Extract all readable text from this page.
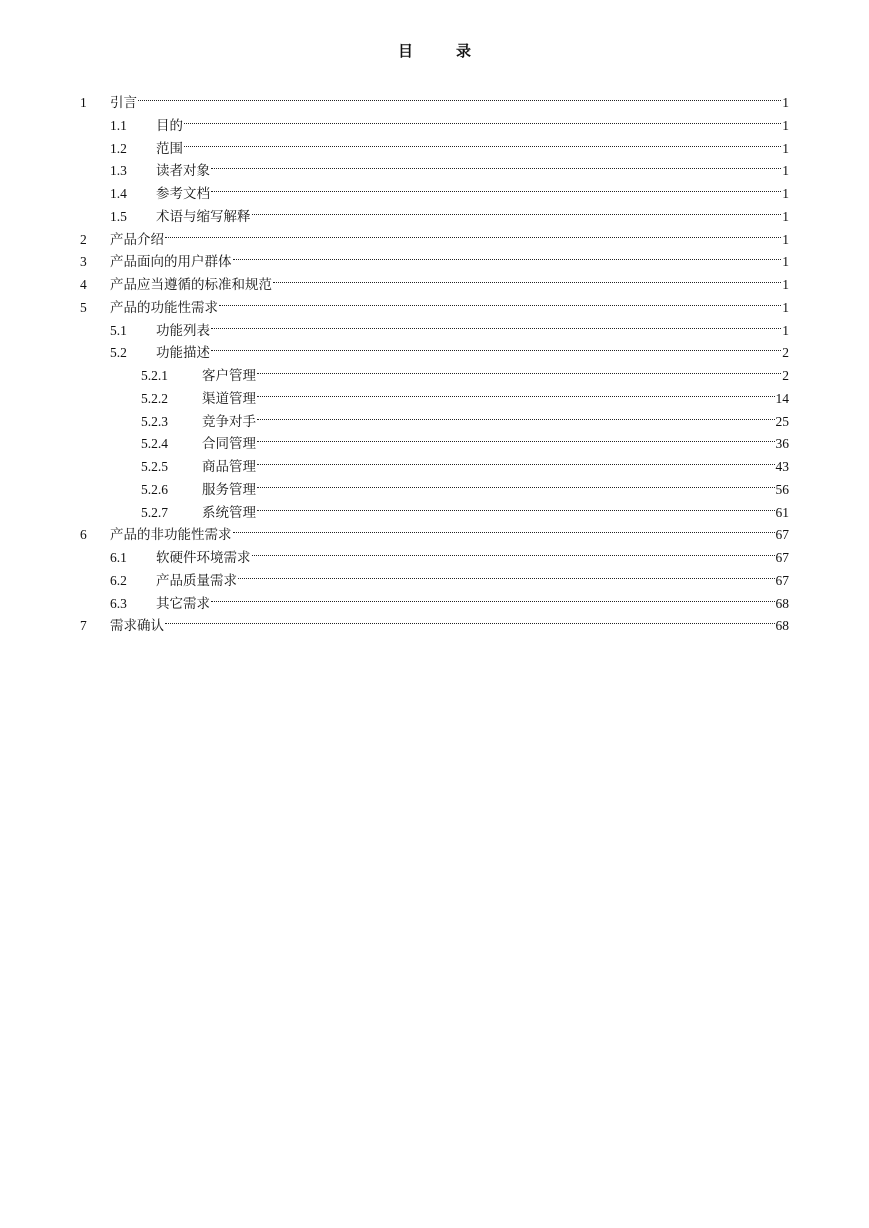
目　录
1	引言	1
1.1	目的	1
1.2	范围	1
1.3	读者对象	1
1.4	参考文档	1
1.5	术语与缩写解释	1
2	产品介绍	1
3	产品面向的用户群体	1
4	产品应当遵循的标准和规范	1
5	产品的功能性需求	1
5.1	功能列表	1
5.2	功能描述	2
5.2.1	客户管理	2
5.2.2	渠道管理	14
5.2.3	竞争对手	25
5.2.4	合同管理	36
5.2.5	商品管理	43
5.2.6	服务管理	56
5.2.7	系统管理	61
6	产品的非功能性需求	67
6.1	软硬件环境需求	67
6.2	产品质量需求	67
6.3	其它需求	68
7	需求确认	68
